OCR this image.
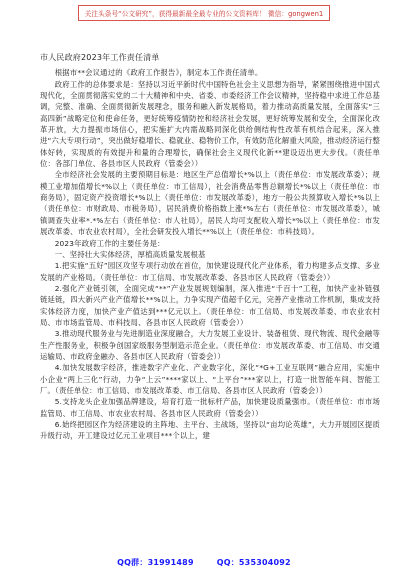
关注头条号“公文研究”，获得最新最全最专业的公文资料库！ 微信：gongwen1
市人民政府2023年工作责任清单

根据市**会议通过的《政府工作报告》，制定本工作责任清单。

政府工作的总体要求是：坚持以习近平新时代中国特色社会主义思想为指导，紧紧围绕推进中国式现代化，全面贯彻落实党的二十大精神和中央、省委、市委经济工作会议精神，坚持稳中求进工作总基调，完整、准确、全面贯彻新发展理念，服务和融入新发展格局，着力推动高质量发展，全面落实“三高四新”战略定位和使命任务，更好统筹疫情防控和经济社会发展，更好统筹发展和安全，全面深化改革开放，大力提振市场信心，把实施扩大内需战略同深化供给侧结构性改革有机结合起来，深入推进“六大专项行动”，突出做好稳增长、稳就业、稳物价工作，有效防范化解重大风险，推动经济运行整体好转，实现质的有效提升和量的合理增长，确保社会主义现代化新**建设迈出更大步伐。（责任单位：各部门单位、各县市区人民政府（管委会））

全市经济社会发展的主要预期目标是：地区生产总值增长*%以上（责任单位：市发展改革委）；规模工业增加值增长*%以上（责任单位：市工信局），社会消费品零售总额增长*%以上（责任单位：市商务局），固定资产投资增长*%以上（责任单位：市发展改革委），地方一般公共预算收入增长*%以上（责任单位：市财政局、市税务局），居民消费价格指数上涨*%左右（责任单位：市发展改革委），城镇调查失业率*.*%左右（责任单位：市人社局），居民人均可支配收入增长*%以上（责任单位：市发展改革委、市农业农村局），全社会研发投入增长**%以上（责任单位：市科技局）。

2023年政府工作的主要任务是：

一、坚持壮大实体经济，厚植高质量发展根基

1.把实施“五好”园区攻坚专项行动放在首位，加快建设现代化产业体系，着力构建多点支撑、多业发展的产业格局。（责任单位：市工信局、市发展改革委、各县市区人民政府（管委会））

2.强化产业链引领，全面完成“**”产业发展规划编制，深入推进“千百十”工程，加快产业补链强链延链，四大新兴产业产值增长**%以上，力争实现产值超千亿元，完善产业推动工作机制，集成支持实体经济力度，加快产业产值达到***亿元以上。（责任单位：市工信局、市发展改革委、市农业农村局、市市场监管局、市科技局、各县市区人民政府（管委会））

3.推动现代服务业与先进制造业深度融合，大力发展工业设计、装备租赁、现代物流、现代金融等生产性服务业，积极争创国家级服务型制造示范企业。（责任单位：市发展改革委、市工信局、市交通运输局、市政府金融办、各县市区人民政府（管委会））

4.加快发展数字经济，推进数字产业化、产业数字化，深化“*G+工业互联网”融合应用，实施中小企业“两上三化”行动，力争“上云”****家以上、“上平台”***家以上，打造一批智能车间、智能工厂。（责任单位：市工信局、市发展改革委、市工信局、各县市区人民政府（管委会））

5.支持龙头企业加强品牌建设，培育打造一批标杆产品，加快建设质量强市。（责任单位：市市场监管局、市工信局、市农业农村局、各县市区人民政府（管委会））

6.始终把园区作为经济建设的主阵地、主平台、主战场，坚持以“亩均论英雄”，大力开展园区提质升级行动，开工建设过亿元工业项目***个以上，建

QQ群：31991489	QQ：535304092
